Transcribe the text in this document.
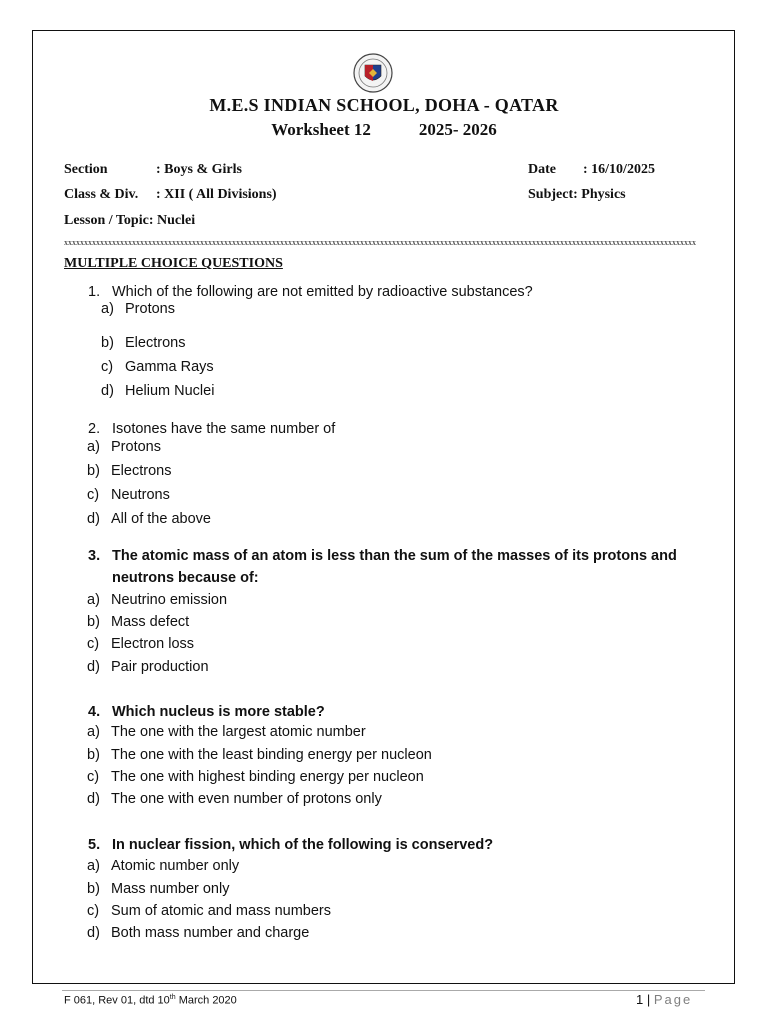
M.E.S INDIAN SCHOOL, DOHA - QATAR
Worksheet 12	2025- 2026
Section	: Boys & Girls	Date : 16/10/2025
Class & Div. : XII ( All Divisions)	Subject: Physics
Lesson / Topic: Nuclei
xxxxxxxxxxxxxxxxxxxxxxxxxxxxxxxxxxxxxxxxxxxxxxxxxxxxxxxxxxxxxxxxxxxxxxxxxxxxxxxxxxxxxxxxxxxxxxxxxxxxxxxxxxxxxxxxxxxxxxxxxxxxxxxxxxxxxxxxxxxxxxxxxxxxxxxxxxxxxx
MULTIPLE CHOICE QUESTIONS
1. Which of the following are not emitted by radioactive substances?
a) Protons
b) Electrons
c) Gamma Rays
d) Helium Nuclei
2. Isotones have the same number of
a) Protons
b) Electrons
c) Neutrons
d) All of the above
3. The atomic mass of an atom is less than the sum of the masses of its protons and
neutrons because of:
a) Neutrino emission
b) Mass defect
c) Electron loss
d) Pair production
4. Which nucleus is more stable?
a) The one with the largest atomic number
b) The one with the least binding energy per nucleon
c) The one with highest binding energy per nucleon
d) The one with even number of protons only
5. In nuclear fission, which of the following is conserved?
a) Atomic number only
b) Mass number only
c) Sum of atomic and mass numbers
d) Both mass number and charge
F 061, Rev 01, dtd 10th March 2020	1 | Page
